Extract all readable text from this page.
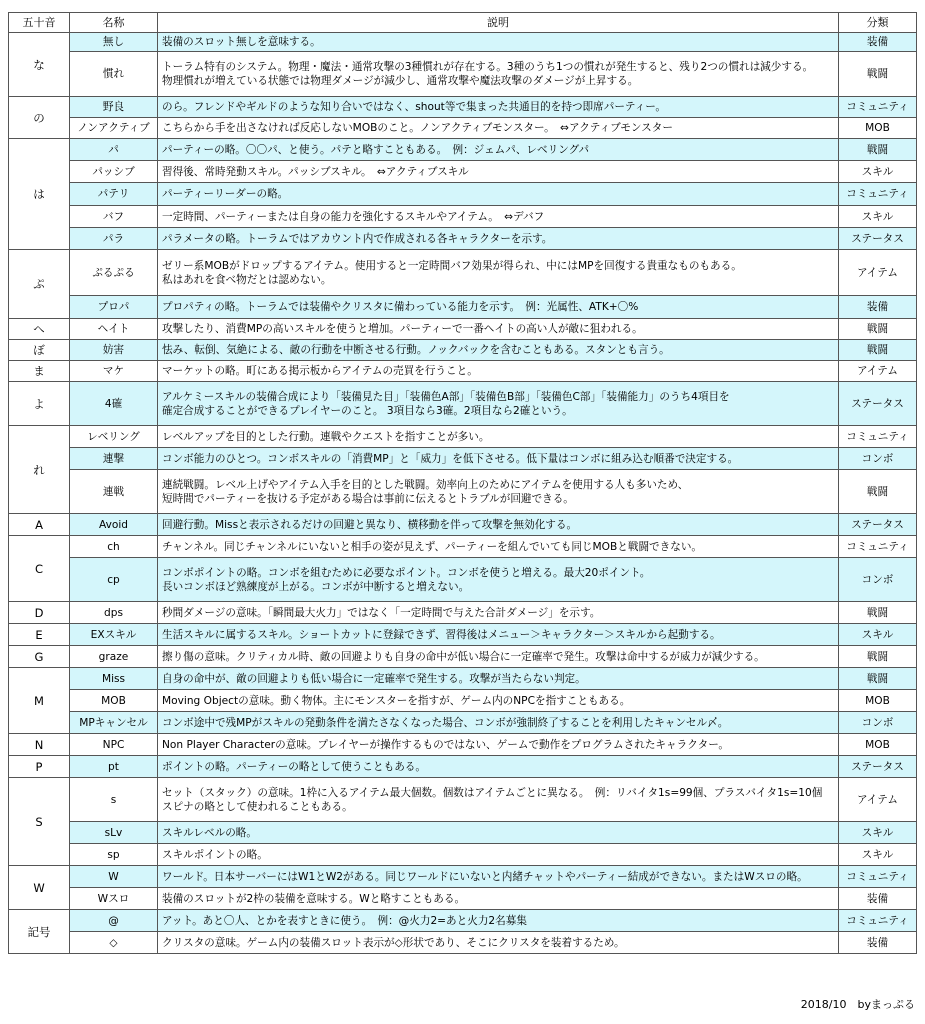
五十音	名称	説明	分類
な	無し	装備のスロット無しを意味する。	装備
	慣れ	トーラム特有のシステム。物理・魔法・通常攻撃の3種慣れが存在する。3種のうち1つの慣れが発生すると、残り2つの慣れは減少する。
物理慣れが増えている状態では物理ダメージが減少し、通常攻撃や魔法攻撃のダメージが上昇する。	戦闘
の	野良	のら。フレンドやギルドのような知り合いではなく、shout等で集まった共通目的を持つ即席パーティー。	コミュニティ
	ノンアクティブ	こちらから手を出さなければ反応しないMOBのこと。ノンアクティブモンスター。　⇔アクティブモンスター	MOB
は	パ	パーティーの略。〇〇パ、と使う。パテと略すこともある。　例：ジェムパ、レベリングパ	戦闘
	パッシブ	習得後、常時発動スキル。パッシブスキル。　⇔アクティブスキル	スキル
	パテリ	パーティーリーダーの略。	コミュニティ
	バフ	一定時間、パーティーまたは自身の能力を強化するスキルやアイテム。　⇔デバフ	スキル
	パラ	パラメータの略。トーラムではアカウント内で作成される各キャラクターを示す。	ステータス
ぷ	ぷるぷる	ゼリー系MOBがドロップするアイテム。使用すると一定時間バフ効果が得られ、中にはMPを回復する貴重なものもある。
私はあれを食べ物だとは認めない。	アイテム
	プロパ	プロパティの略。トーラムでは装備やクリスタに備わっている能力を示す。　例：光属性、ATK+〇%	装備
へ	ヘイト	攻撃したり、消費MPの高いスキルを使うと増加。パーティーで一番ヘイトの高い人が敵に狙われる。	戦闘
ぼ	妨害	怯み、転倒、気絶による、敵の行動を中断させる行動。ノックバックを含むこともある。スタンとも言う。	戦闘
ま	マケ	マーケットの略。町にある掲示板からアイテムの売買を行うこと。	アイテム
よ	4確	アルケミースキルの装備合成により「装備見た目」「装備色A部」「装備色B部」「装備色C部」「装備能力」のうち4項目を
確定合成することができるプレイヤーのこと。 3項目なら3確。2項目なら2確という。	ステータス
れ	レベリング	レベルアップを目的とした行動。連戦やクエストを指すことが多い。	コミュニティ
	連撃	コンボ能力のひとつ。コンボスキルの「消費MP」と「威力」を低下させる。低下量はコンボに組み込む順番で決定する。	コンボ
	連戦	連続戦闘。レベル上げやアイテム入手を目的とした戦闘。効率向上のためにアイテムを使用する人も多いため、
短時間でパーティーを抜ける予定がある場合は事前に伝えるとトラブルが回避できる。	戦闘
A	Avoid	回避行動。Missと表示されるだけの回避と異なり、横移動を伴って攻撃を無効化する。	ステータス
C	ch	チャンネル。同じチャンネルにいないと相手の姿が見えず、パーティーを組んでいても同じMOBと戦闘できない。	コミュニティ
	cp	コンボポイントの略。コンボを組むために必要なポイント。コンボを使うと増える。最大20ポイント。
長いコンボほど熟練度が上がる。コンボが中断すると増えない。	コンボ
D	dps	秒間ダメージの意味。「瞬間最大火力」ではなく「一定時間で与えた合計ダメージ」を示す。	戦闘
E	EXスキル	生活スキルに属するスキル。ショートカットに登録できず、習得後はメニュー＞キャラクター＞スキルから起動する。	スキル
G	graze	擦り傷の意味。クリティカル時、敵の回避よりも自身の命中が低い場合に一定確率で発生。攻撃は命中するが威力が減少する。	戦闘
M	Miss	自身の命中が、敵の回避よりも低い場合に一定確率で発生する。攻撃が当たらない判定。	戦闘
	MOB	Moving Objectの意味。動く物体。主にモンスターを指すが、ゲーム内のNPCを指すこともある。	MOB
	MPキャンセル	コンボ途中で残MPがスキルの発動条件を満たさなくなった場合、コンボが強制終了することを利用したキャンセル〆。	コンボ
N	NPC	Non Player Characterの意味。プレイヤーが操作するものではない、ゲームで動作をプログラムされたキャラクター。	MOB
P	pt	ポイントの略。パーティーの略として使うこともある。	ステータス
S	s	セット（スタック）の意味。1枠に入るアイテム最大個数。個数はアイテムごとに異なる。　例：リバイタ1s=99個、プラスバイタ1s=10個
スピナの略として使われることもある。	アイテム
	sLv	スキルレベルの略。	スキル
	sp	スキルポイントの略。	スキル
W	W	ワールド。日本サーバーにはW1とW2がある。同じワールドにいないと内緒チャットやパーティー結成ができない。またはWスロの略。	コミュニティ
	Wスロ	装備のスロットが2枠の装備を意味する。Wと略すこともある。	装備
記号	@	アット。あと〇人、とかを表すときに使う。　例：@火力2=あと火力2名募集	コミュニティ
	◇	クリスタの意味。ゲーム内の装備スロット表示が◇形状であり、そこにクリスタを装着するため。	装備
2018/10　byまっぷる
